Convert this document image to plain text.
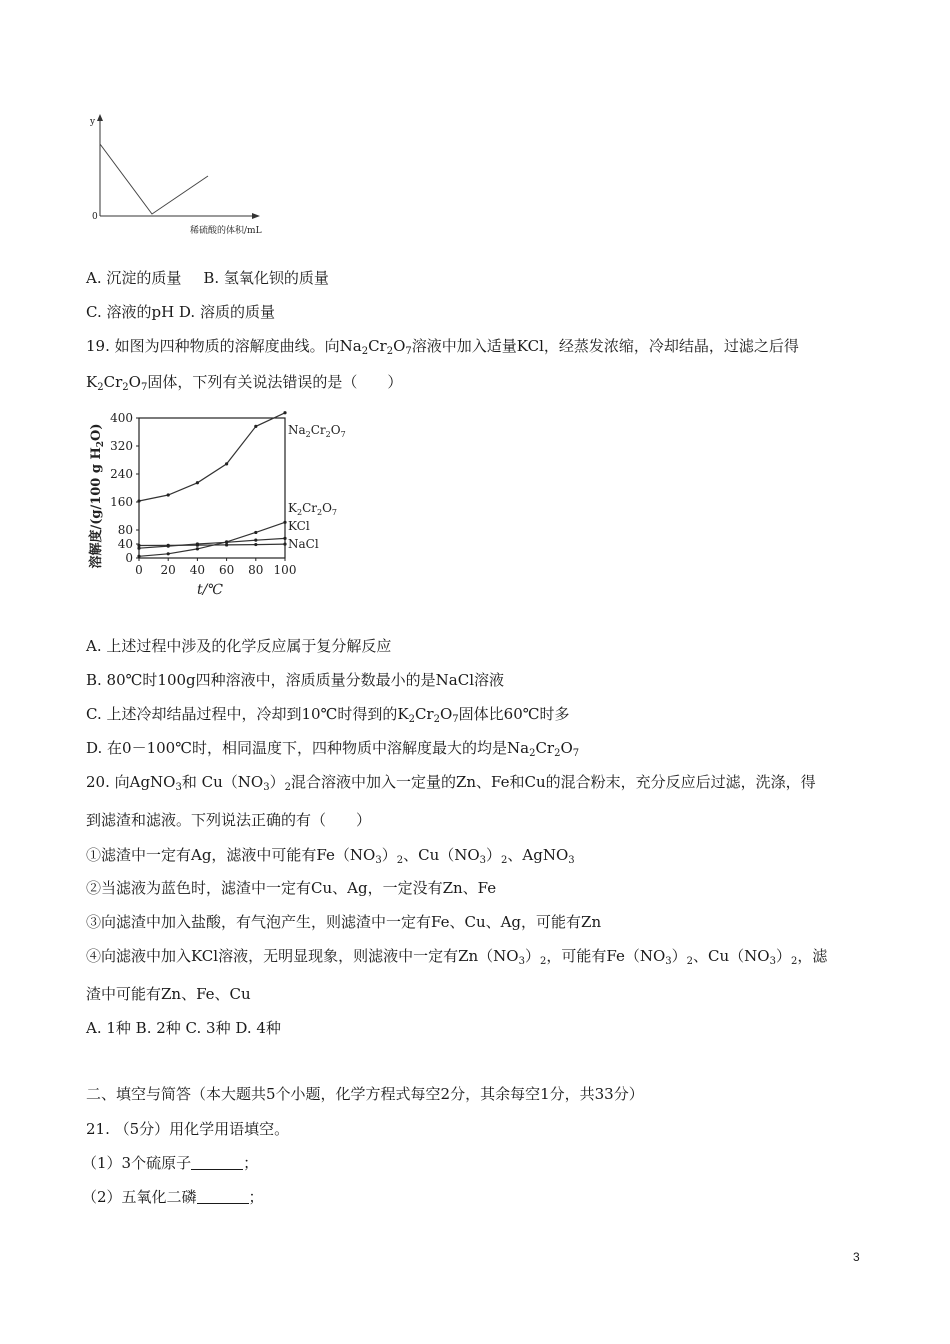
y
0
稀硫酸的体积/mL
A. 沉淀的质量 B. 氢氧化钡的质量
C. 溶液的pH D. 溶质的质量
19. 如图为四种物质的溶解度曲线。向$Na_2Cr_2O_7$溶液中加入适量KCl，经蒸发浓缩，冷却结晶，过滤之后得
$K_2Cr_2O_7$固体，下列有关说法错误的是（　　）
溶解度/(g/100 g $H_2O$)
0
40
80
160
240
320
400
0 20 40 60 80 100
$Na_2Cr_2O_7$
$K_2Cr_2O_7$
KCl
NaCl
t/℃
A. 上述过程中涉及的化学反应属于复分解反应
B. 80℃时100g四种溶液中，溶质质量分数最小的是NaCl溶液
C. 上述冷却结晶过程中，冷却到10℃时得到的$K_2Cr_2O_7$固体比60℃时多
D. 在0－100℃时，相同温度下，四种物质中溶解度最大的均是$Na_2Cr_2O_7$
20. 向AgNO$_3$和 $Cu(NO_3)_2$混合溶液中加入一定量的Zn、Fe和Cu的混合粉末，充分反应后过滤，洗涤，得
到滤渣和滤液。下列说法正确的有（　　）
①滤渣中一定有Ag，滤液中可能有$Fe(NO_3)_2$、$Cu(NO_3)_2$、AgNO$_3$
②当滤液为蓝色时，滤渣中一定有Cu、Ag，一定没有Zn、Fe
③向滤渣中加入盐酸，有气泡产生，则滤渣中一定有Fe、Cu、Ag，可能有Zn
④向滤液中加入KCl溶液，无明显现象，则滤液中一定有$Zn(NO_3)_2$，可能有$Fe(NO_3)_2$、$Cu(NO_3)_2$，滤
渣中可能有Zn、Fe、Cu
A. 1种 B. 2种 C. 3种 D. 4种
二、填空与简答（本大题共5个小题，化学方程式每空2分，其余每空1分，共33分）
21. （5分）用化学用语填空。
（1）3个硫原子	；
（2）五氧化二磷	；
3
